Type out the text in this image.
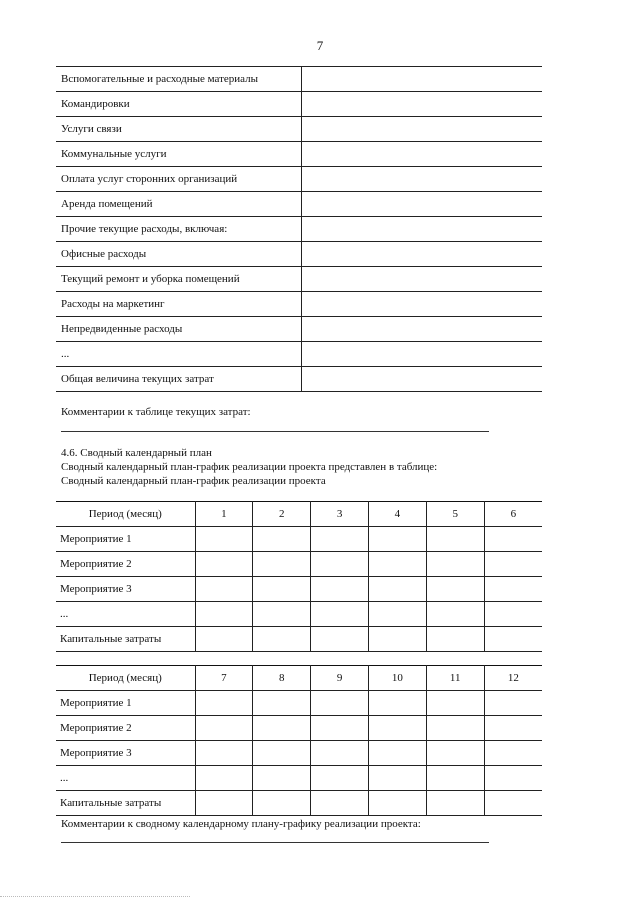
7
Вспомогательные и расходные материалы	
Командировки	
Услуги связи	
Коммунальные услуги	
Оплата услуг сторонних организаций	
Аренда помещений	
Прочие текущие расходы, включая:	
Офисные расходы	
Текущий ремонт и уборка помещений	
Расходы на маркетинг	
Непредвиденные расходы	
...	
Общая величина текущих затрат	
Комментарии к таблице текущих затрат:
4.6. Сводный календарный план
Сводный календарный план-график реализации проекта представлен в таблице:
Сводный календарный план-график реализации проекта
Период (месяц)	1	2	3	4	5	6
Мероприятие 1						
Мероприятие 2						
Мероприятие 3						
...						
Капитальные затраты						
Период (месяц)	7	8	9	10	11	12
Мероприятие 1						
Мероприятие 2						
Мероприятие 3						
...						
Капитальные затраты						
Комментарии к сводному календарному плану-графику реализации проекта:
